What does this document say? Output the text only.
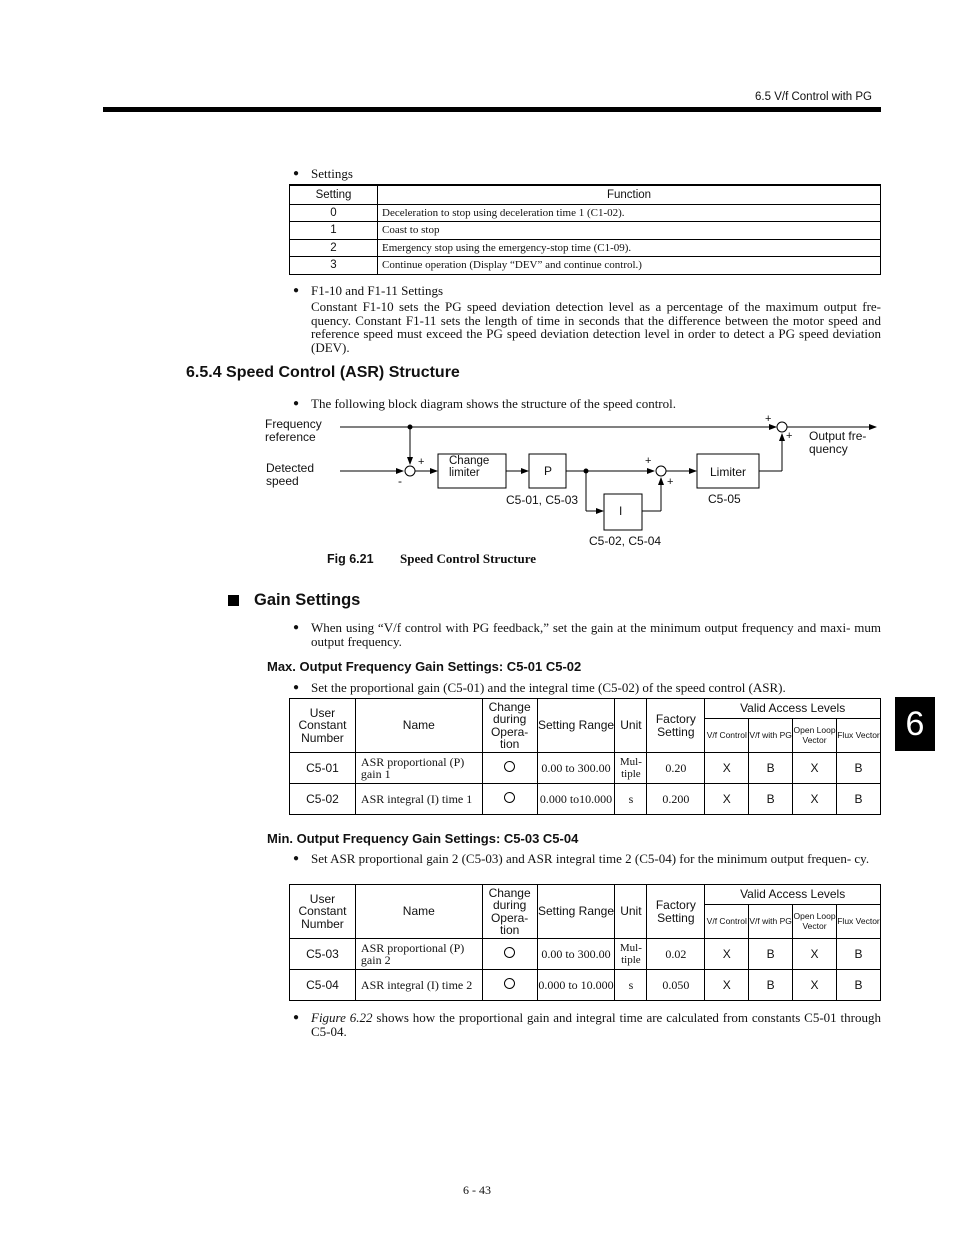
6.5 V/f Control with PG
● Settings
Setting	Function
0	Deceleration to stop using deceleration time 1 (C1-02).
1	Coast to stop
2	Emergency stop using the emergency-stop time (C1-09).
3	Continue operation (Display “DEV” and continue control.)
● F1-10 and F1-11 Settings
Constant F1-10 sets the PG speed deviation detection level as a percentage of the maximum output fre- quency. Constant F1-11 sets the length of time in seconds that the difference between the motor speed and reference speed must exceed the PG speed deviation detection level in order to detect a PG speed deviation (DEV).
6.5.4 Speed Control (ASR) Structure
● The following block diagram shows the structure of the speed control.
Frequency
reference
Detected
speed
Change
limiter	P
I
Limiter
Output fre-
quency
C5-01, C5-03
C5-02, C5-04
C5-05
+
-
+
+
+
+
Fig 6.21 Speed Control Structure
Gain Settings
● When using “V/f control with PG feedback,” set the gain at the minimum output frequency and maxi- mum output frequency.
Max. Output Frequency Gain Settings: C5-01 C5-02
● Set the proportional gain (C5-01) and the integral time (C5-02) of the speed control (ASR).
User Constant Number	Name	Change during Opera- tion	Setting Range	Unit	Factory Setting	Valid Access Levels			
						V/f Control	V/f with PG	Open Loop Vector	Flux Vector
C5-01	ASR proportional (P) gain 1		0.00 to 300.00	Mul- tiple	0.20	X	B	X	B
C5-02	ASR integral (I) time 1		0.000 to10.000	s	0.200	X	B	X	B
6
Min. Output Frequency Gain Settings: C5-03 C5-04
● Set ASR proportional gain 2 (C5-03) and ASR integral time 2 (C5-04) for the minimum output frequen- cy.
User Constant Number	Name	Change during Opera- tion	Setting Range	Unit	Factory Setting	Valid Access Levels			
						V/f Control	V/f with PG	Open Loop Vector	Flux Vector
C5-03	ASR proportional (P) gain 2		0.00 to 300.00	Mul- tiple	0.02	X	B	X	B
C5-04	ASR integral (I) time 2		0.000 to 10.000	s	0.050	X	B	X	B
● Figure 6.22 shows how the proportional gain and integral time are calculated from constants C5-01 through C5-04.
6 - 43
